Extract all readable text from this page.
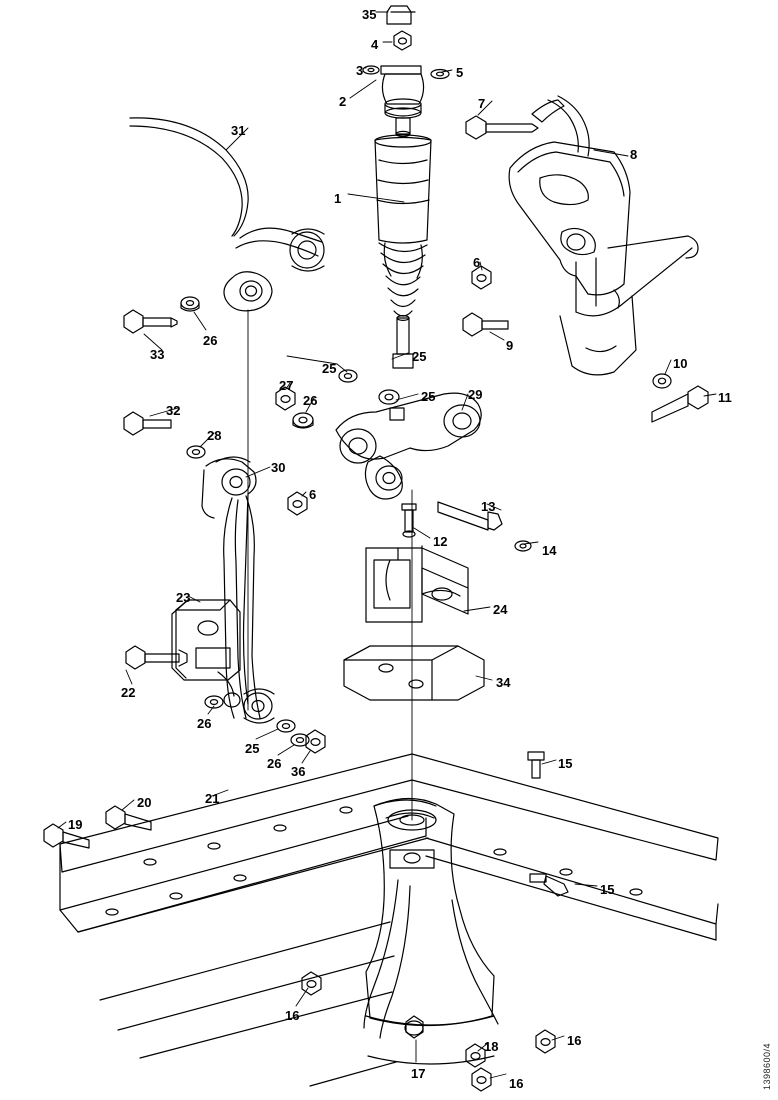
35
4
3	5
2	7
31
8
1
6
33
26	9
10
25
25
11
27
26	25	29
32
28
30
6
13
12
14
24
23
34
22
26
25
26
36
15
21
20
19
15
16
18	16
17
16	1398600/4
